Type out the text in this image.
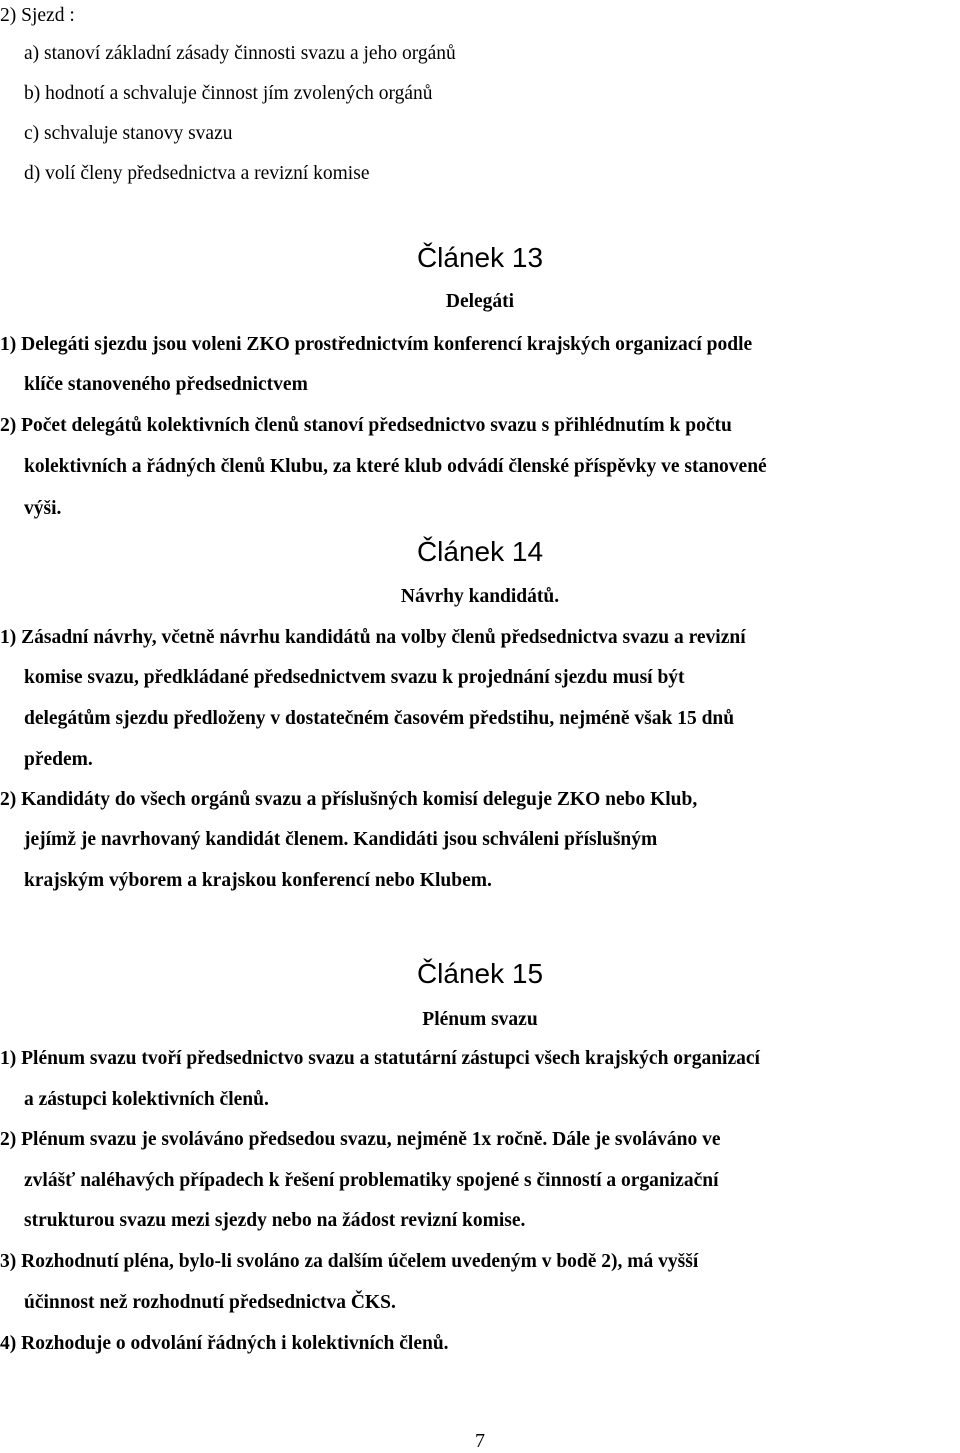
2) Sjezd :
a) stanoví základní zásady činnosti svazu a jeho orgánů
b) hodnotí a schvaluje činnost jím zvolených orgánů
c) schvaluje stanovy svazu
d) volí členy předsednictva a revizní komise
Článek 13
Delegáti
1) Delegáti sjezdu jsou voleni ZKO prostřednictvím konferencí krajských organizací podle
klíče stanoveného předsednictvem
2) Počet delegátů kolektivních členů stanoví předsednictvo svazu s přihlédnutím k počtu
kolektivních a řádných členů Klubu, za které klub odvádí členské příspěvky ve stanovené
výši.
Článek 14
Návrhy kandidátů.
1) Zásadní návrhy, včetně návrhu kandidátů na volby členů předsednictva svazu a revizní
komise svazu, předkládané předsednictvem svazu k projednání sjezdu musí být
delegátům sjezdu předloženy v dostatečném časovém předstihu, nejméně však 15 dnů
předem.
2) Kandidáty do všech orgánů svazu a příslušných komisí deleguje ZKO nebo Klub,
jejímž je navrhovaný kandidát členem. Kandidáti jsou schváleni příslušným
krajským výborem a krajskou konferencí nebo Klubem.
Článek 15
Plénum svazu
1) Plénum svazu tvoří předsednictvo svazu a statutární zástupci všech krajských organizací
a zástupci kolektivních členů.
2) Plénum svazu je svoláváno předsedou svazu, nejméně 1x ročně. Dále je svoláváno ve
zvlášť naléhavých případech k řešení problematiky spojené s činností a organizační
strukturou svazu mezi sjezdy nebo na žádost revizní komise.
3) Rozhodnutí pléna, bylo-li svoláno za dalším účelem uvedeným v bodě 2), má vyšší
účinnost než rozhodnutí předsednictva ČKS.
4) Rozhoduje o odvolání řádných i kolektivních členů.
7
